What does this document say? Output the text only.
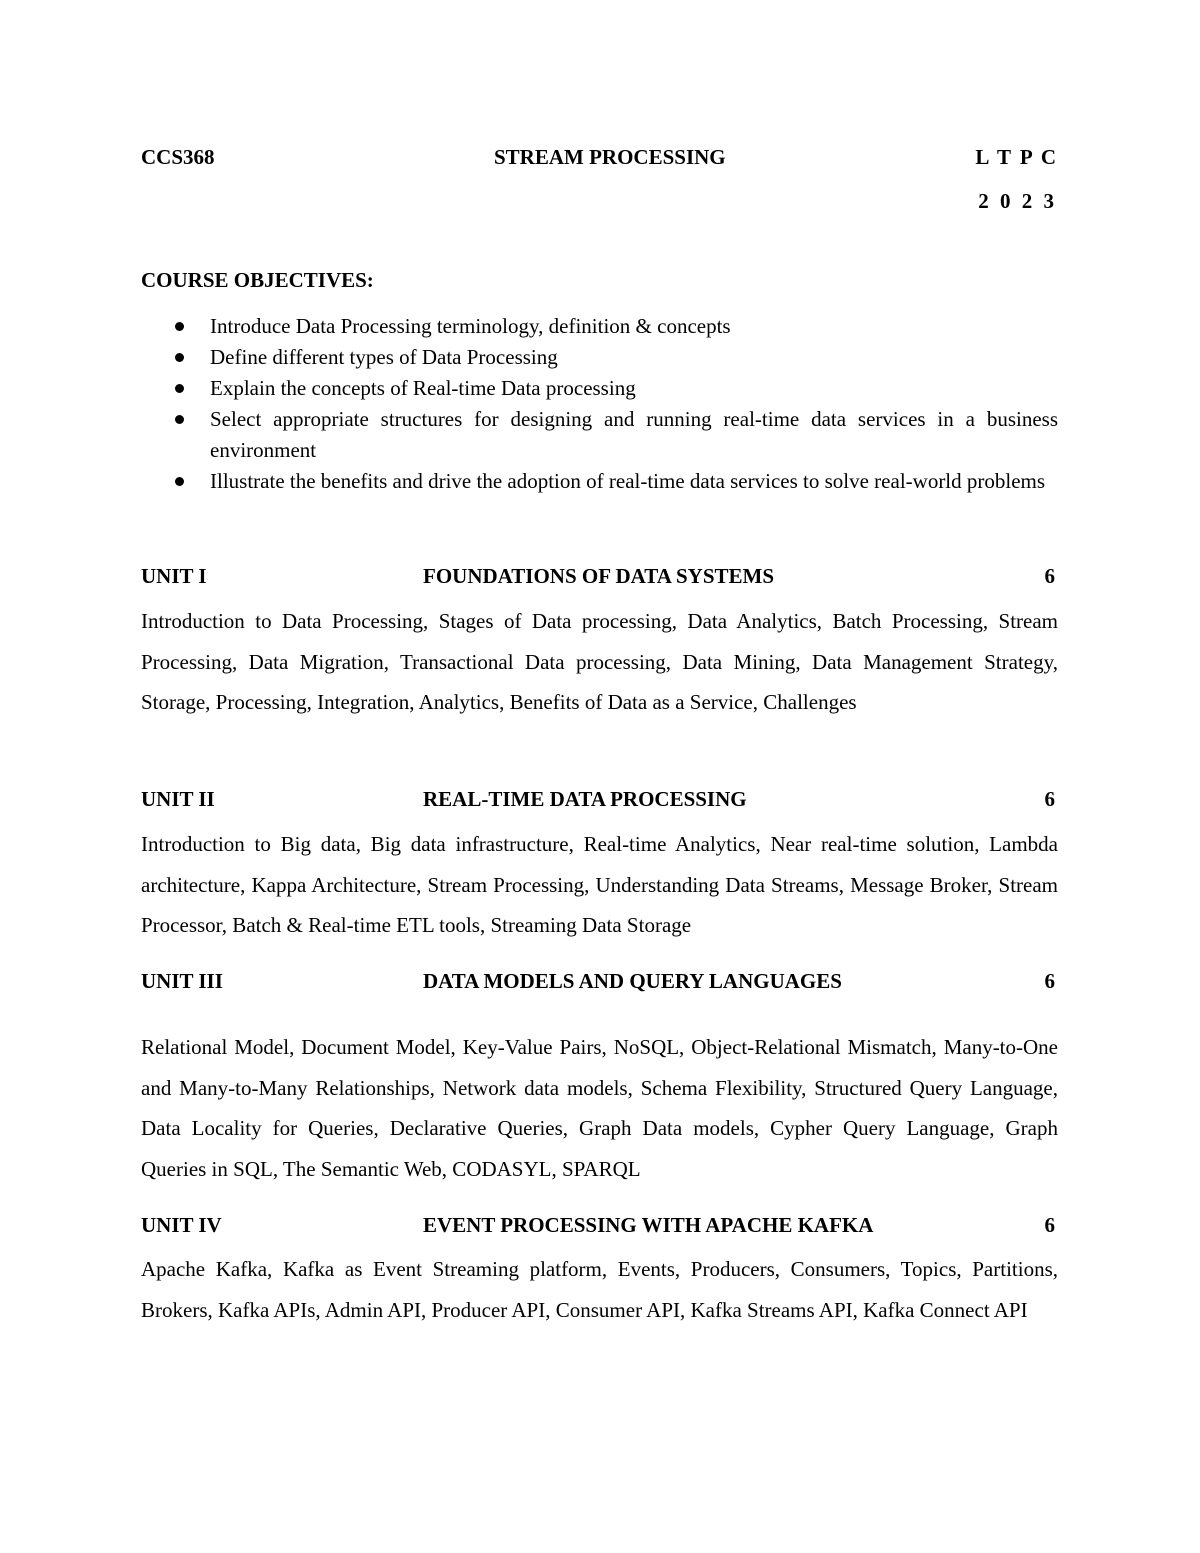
CCS368	STREAM PROCESSING	L T P C
2 0 2 3
COURSE OBJECTIVES:
Introduce Data Processing terminology, definition & concepts
Define different types of Data Processing
Explain the concepts of Real-time Data processing
Select appropriate structures for designing and running real-time data services in a business environment
Illustrate the benefits and drive the adoption of real-time data services to solve real-world problems
UNIT I	FOUNDATIONS OF DATA SYSTEMS	6
Introduction to Data Processing, Stages of Data processing, Data Analytics, Batch Processing, Stream Processing, Data Migration, Transactional Data processing, Data Mining, Data Management Strategy, Storage, Processing, Integration, Analytics, Benefits of Data as a Service, Challenges
UNIT II	REAL-TIME DATA PROCESSING	6
Introduction to Big data, Big data infrastructure, Real-time Analytics, Near real-time solution, Lambda architecture, Kappa Architecture, Stream Processing, Understanding Data Streams, Message Broker, Stream Processor, Batch & Real-time ETL tools, Streaming Data Storage
UNIT III	DATA MODELS AND QUERY LANGUAGES	6
Relational Model, Document Model, Key-Value Pairs, NoSQL, Object-Relational Mismatch, Many-to-One and Many-to-Many Relationships, Network data models, Schema Flexibility, Structured Query Language, Data Locality for Queries, Declarative Queries, Graph Data models, Cypher Query Language, Graph Queries in SQL, The Semantic Web, CODASYL, SPARQL
UNIT IV	EVENT PROCESSING WITH APACHE KAFKA	6
Apache Kafka, Kafka as Event Streaming platform, Events, Producers, Consumers, Topics, Partitions, Brokers, Kafka APIs, Admin API, Producer API, Consumer API, Kafka Streams API, Kafka Connect API
